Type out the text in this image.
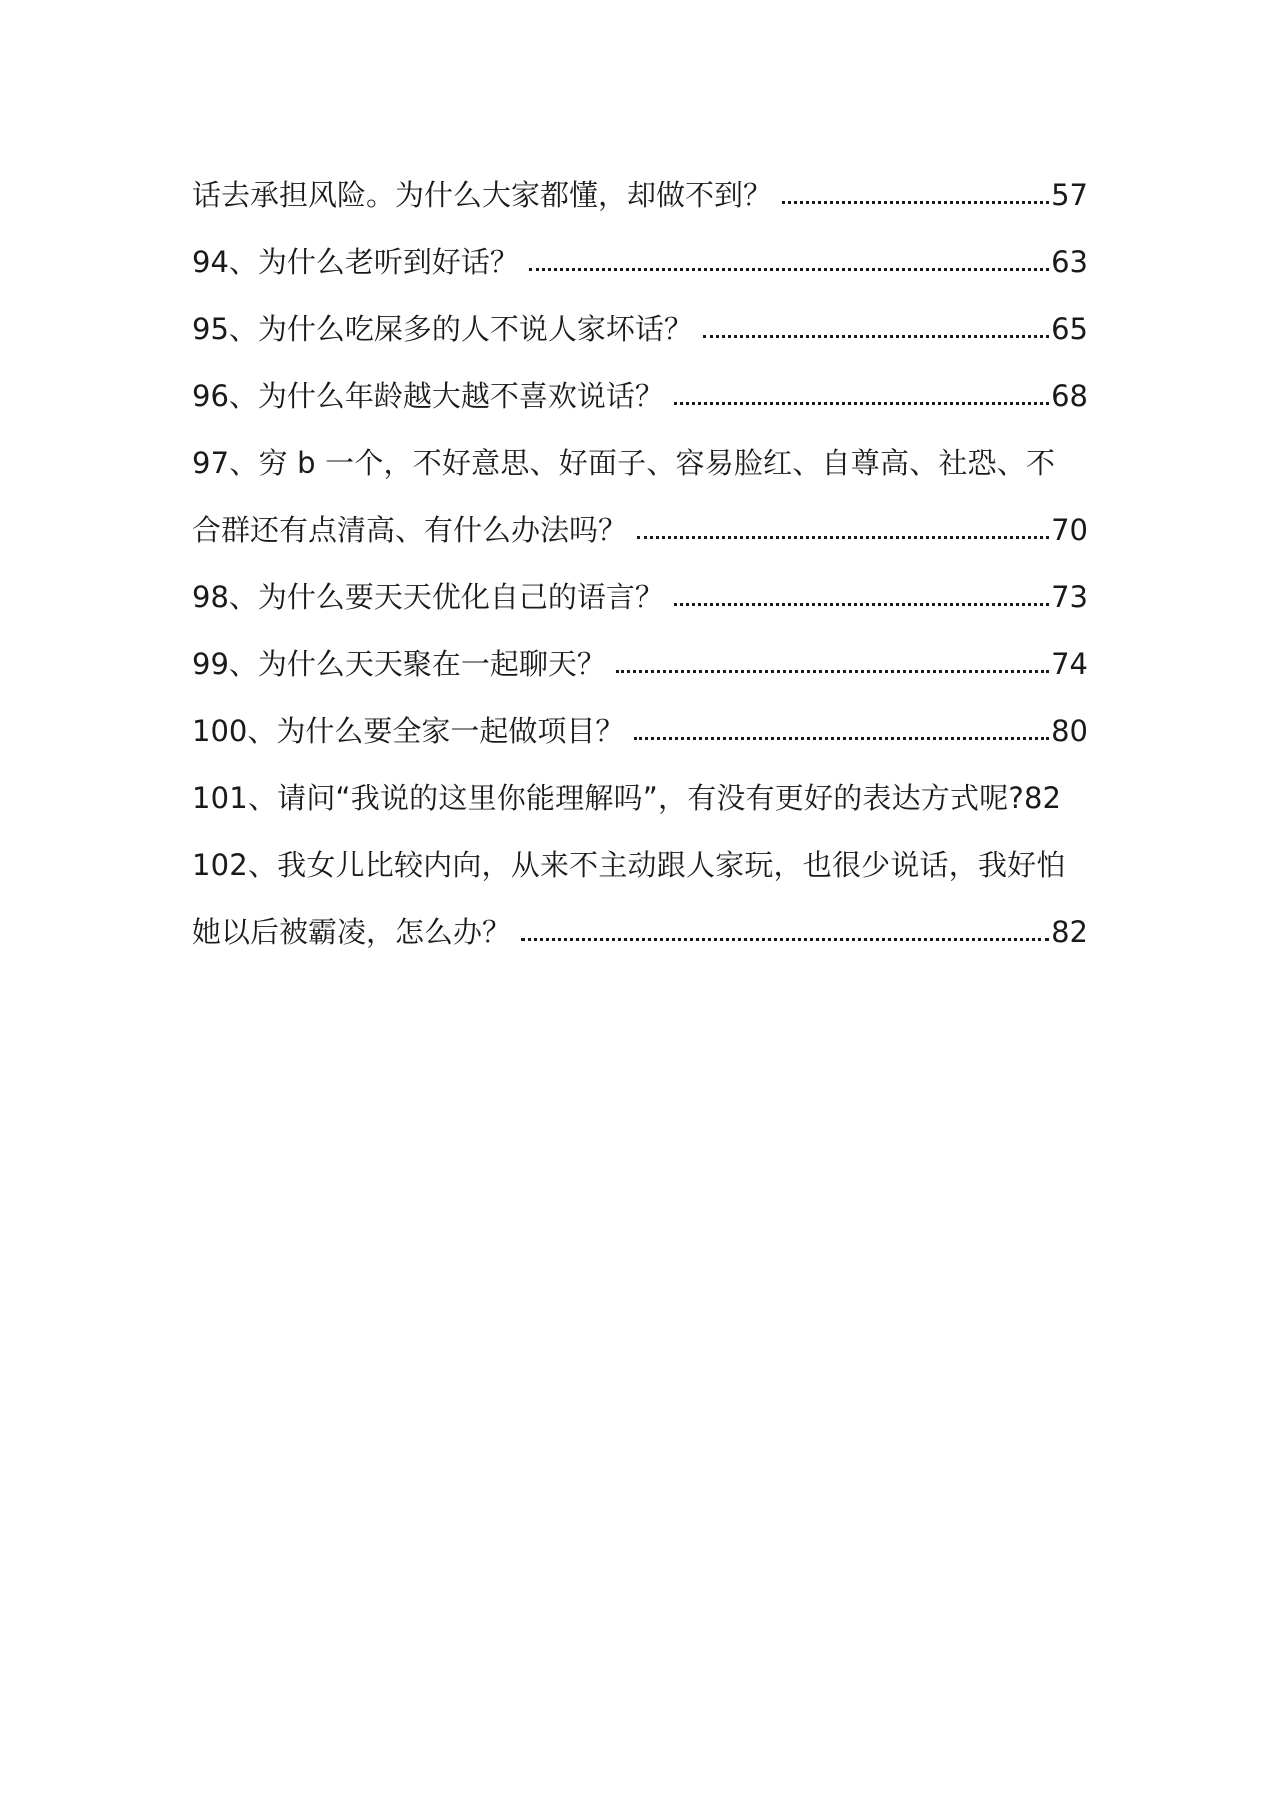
话去承担风险。为什么大家都懂，却做不到？	57
94、为什么老听到好话？	63
95、为什么吃屎多的人不说人家坏话？	65
96、为什么年龄越大越不喜欢说话？	68
97、穷 b 一个，不好意思、好面子、容易脸红、自尊高、社恐、不
合群还有点清高、有什么办法吗？	70
98、为什么要天天优化自己的语言？	73
99、为什么天天聚在一起聊天？	74
100、为什么要全家一起做项目？	80
101、请问“我说的这里你能理解吗”，有没有更好的表达方式呢? 82
102、我女儿比较内向，从来不主动跟人家玩，也很少说话，我好怕
她以后被霸凌，怎么办？	82
